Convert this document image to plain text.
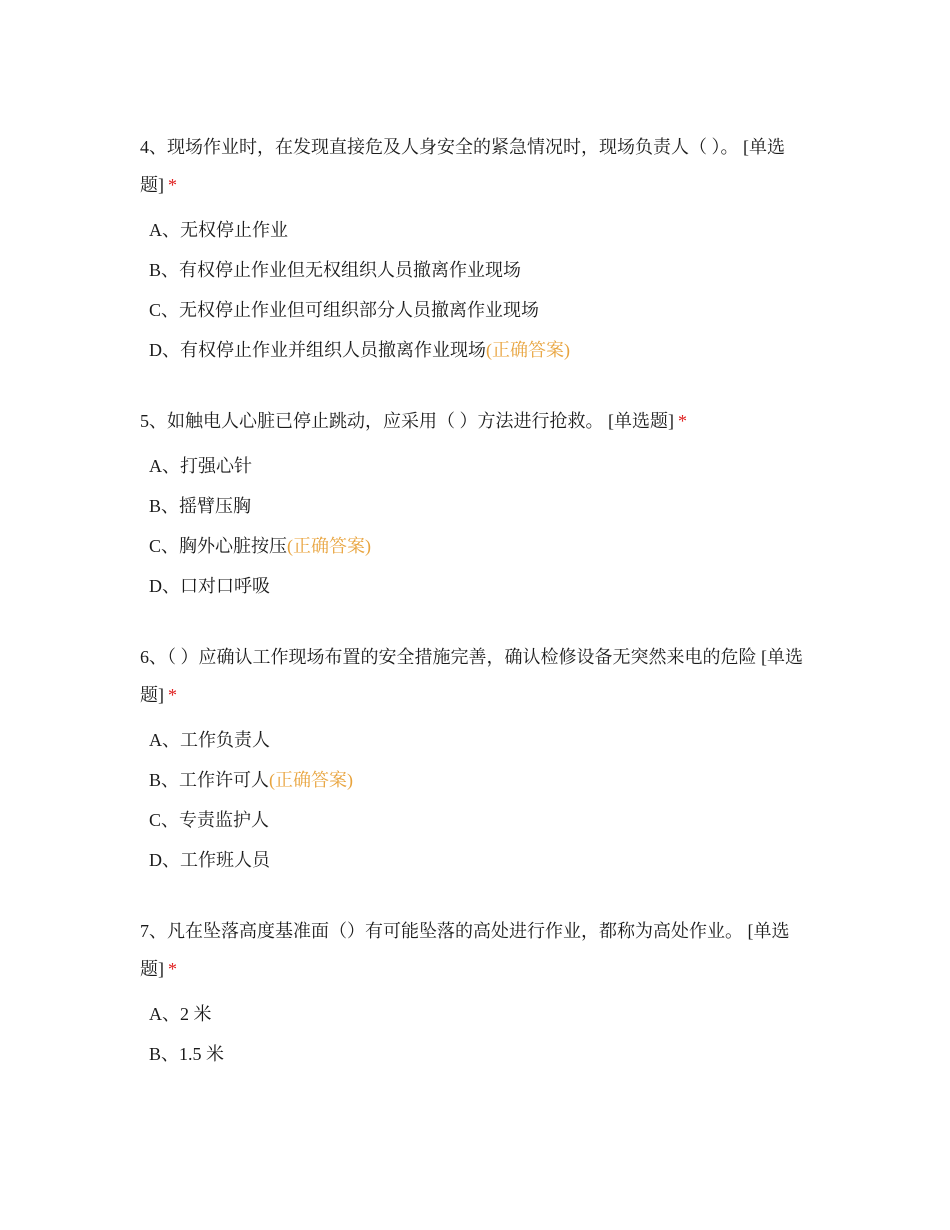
4、现场作业时，在发现直接危及人身安全的紧急情况时，现场负责人（ ）。 [单选题] *
A、无权停止作业
B、有权停止作业但无权组织人员撤离作业现场
C、无权停止作业但可组织部分人员撤离作业现场
D、有权停止作业并组织人员撤离作业现场(正确答案)
5、如触电人心脏已停止跳动，应采用（ ）方法进行抢救。 [单选题] *
A、打强心针
B、摇臂压胸
C、胸外心脏按压(正确答案)
D、口对口呼吸
6、（ ）应确认工作现场布置的安全措施完善，确认检修设备无突然来电的危险 [单选题] *
A、工作负责人
B、工作许可人(正确答案)
C、专责监护人
D、工作班人员
7、凡在坠落高度基准面（）有可能坠落的高处进行作业，都称为高处作业。 [单选题] *
A、2 米
B、1.5 米
